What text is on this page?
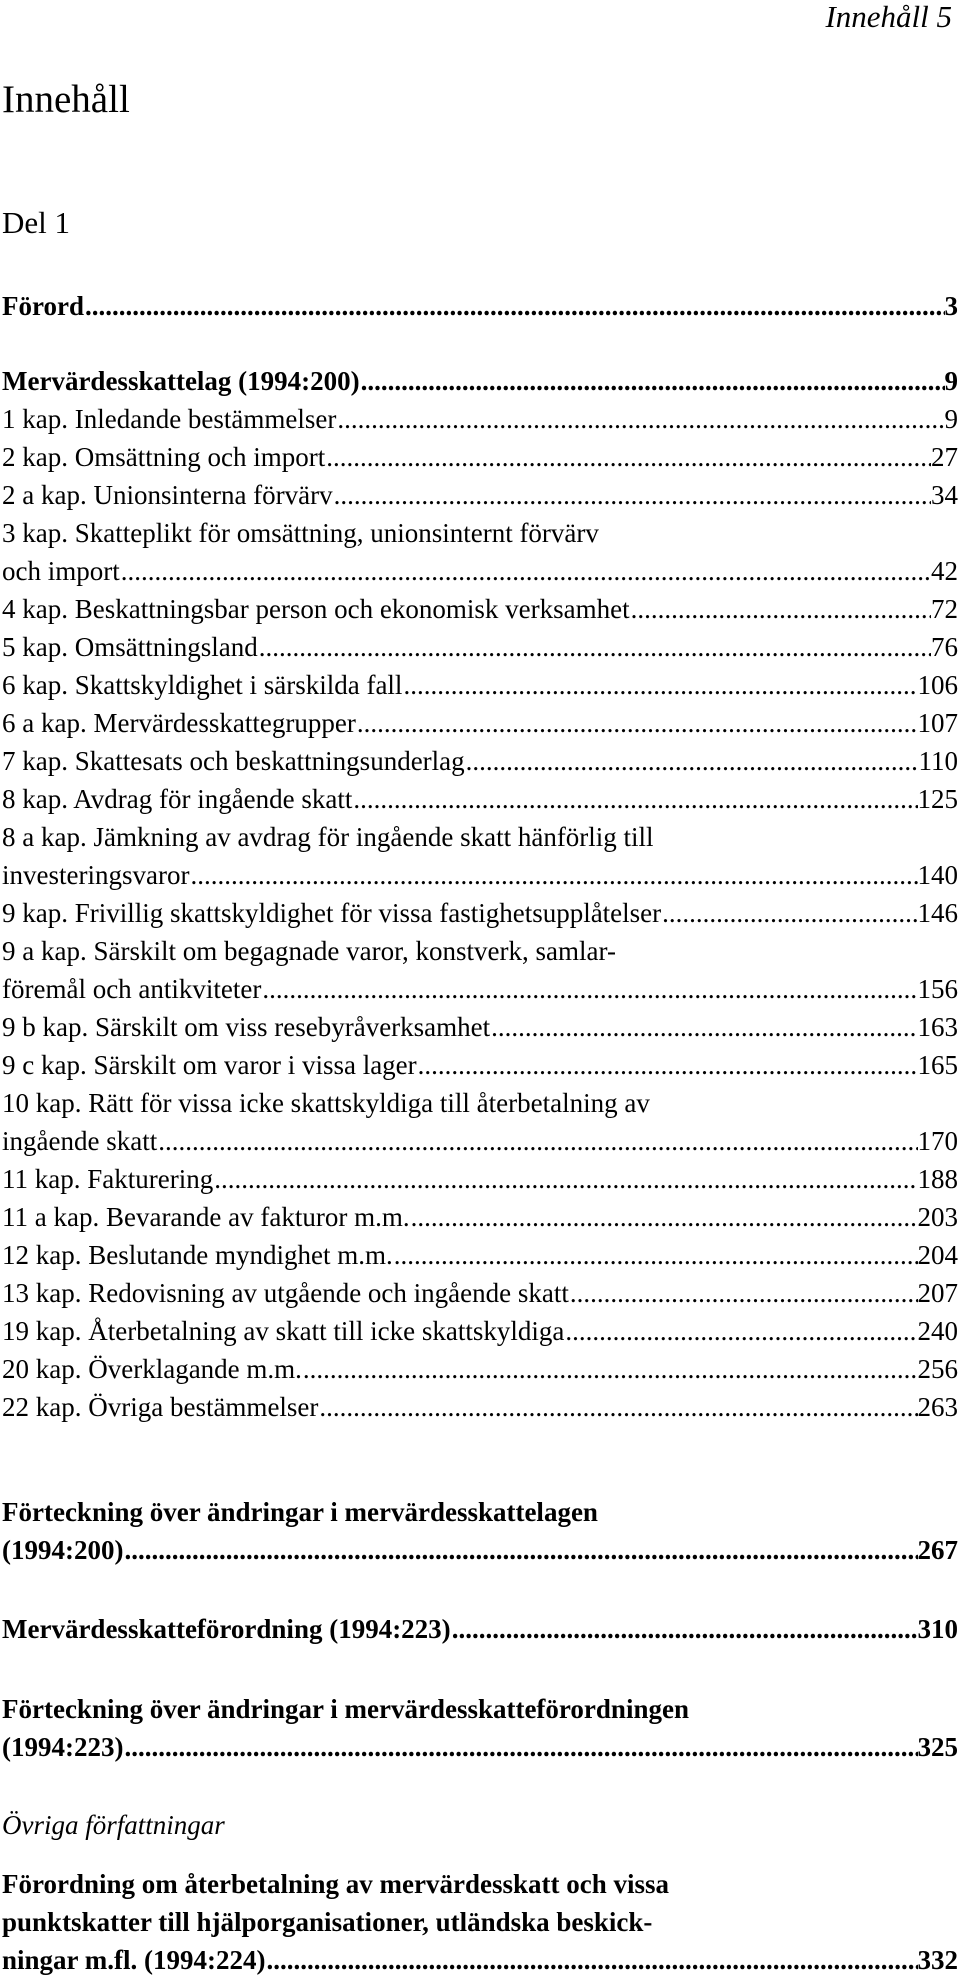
Innehåll 5
Innehåll
Del 1
Förord .....	3
Mervärdesskattelag (1994:200) .....	9
1 kap. Inledande bestämmelser .....	9
2 kap. Omsättning och import .....	27
2 a kap. Unionsinterna förvärv .....	34
3 kap. Skatteplikt för omsättning, unionsinternt förvärv
och import .....	42
4 kap. Beskattningsbar person och ekonomisk verksamhet .....	72
5 kap. Omsättningsland .....	76
6 kap. Skattskyldighet i särskilda fall .....	106
6 a kap. Mervärdesskattegrupper .....	107
7 kap. Skattesats och beskattningsunderlag .....	110
8 kap. Avdrag för ingående skatt .....	125
8 a kap. Jämkning av avdrag för ingående skatt hänförlig till
investeringsvaror .....	140
9 kap. Frivillig skattskyldighet för vissa fastighetsupplåtelser .....	146
9 a kap. Särskilt om begagnade varor, konstverk, samlar-
föremål och antikviteter .....	156
9 b kap. Särskilt om viss resebyråverksamhet .....	163
9 c kap. Särskilt om varor i vissa lager .....	165
10 kap. Rätt för vissa icke skattskyldiga till återbetalning av
ingående skatt .....	170
11 kap. Fakturering .....	188
11 a kap. Bevarande av fakturor m.m. .....	203
12 kap. Beslutande myndighet m.m. .....	204
13 kap. Redovisning av utgående och ingående skatt .....	207
19 kap. Återbetalning av skatt till icke skattskyldiga .....	240
20 kap. Överklagande m.m. .....	256
22 kap. Övriga bestämmelser .....	263
Förteckning över ändringar i mervärdesskattelagen
(1994:200) .....	267
Mervärdesskatteförordning (1994:223) .....	310
Förteckning över ändringar i mervärdesskatteförordningen
(1994:223) .....	325
Övriga författningar
Förordning om återbetalning av mervärdesskatt och vissa
punktskatter till hjälporganisationer, utländska beskick-
ningar m.fl. (1994:224) .....	332
